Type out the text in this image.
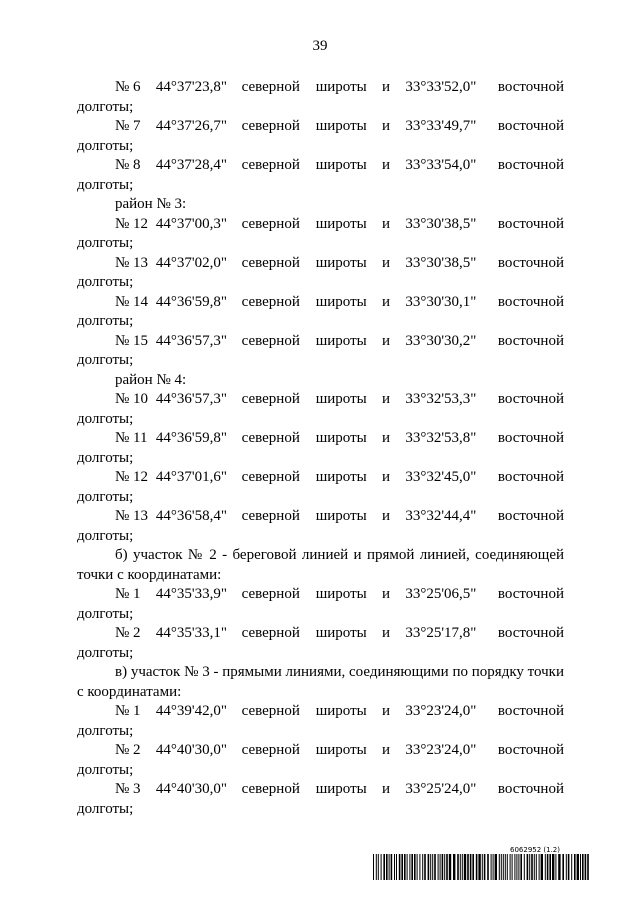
39
№ 6	44°37'23,8" северной	широты	и	33°33'52,0"	восточной
долготы;
№ 7	44°37'26,7" северной	широты	и	33°33'49,7"	восточной
долготы;
№ 8	44°37'28,4" северной	широты	и	33°33'54,0"	восточной
долготы;
район № 3:
№ 12 44°37'00,3" северной	широты	и	33°30'38,5"	восточной
долготы;
№ 13 44°37'02,0" северной	широты	и	33°30'38,5"	восточной
долготы;
№ 14 44°36'59,8" северной	широты	и	33°30'30,1"	восточной
долготы;
№ 15 44°36'57,3" северной	широты	и	33°30'30,2"	восточной
долготы;
район № 4:
№ 10 44°36'57,3" северной	широты	и	33°32'53,3"	восточной
долготы;
№ 11 44°36'59,8" северной	широты	и	33°32'53,8"	восточной
долготы;
№ 12 44°37'01,6" северной	широты	и	33°32'45,0"	восточной
долготы;
№ 13 44°36'58,4" северной	широты	и	33°32'44,4"	восточной
долготы;
б) участок № 2 - береговой линией и прямой линией, соединяющей точки с координатами:
№ 1	44°35'33,9" северной	широты	и	33°25'06,5"	восточной
долготы;
№ 2	44°35'33,1" северной	широты	и	33°25'17,8"	восточной
долготы;
в) участок № 3 - прямыми линиями, соединяющими по порядку точки с координатами:
№ 1	44°39'42,0" северной	широты	и	33°23'24,0"	восточной
долготы;
№ 2	44°40'30,0" северной	широты	и	33°23'24,0"	восточной
долготы;
№ 3	44°40'30,0" северной	широты	и	33°25'24,0"	восточной
долготы;
6062952 (1.2)
